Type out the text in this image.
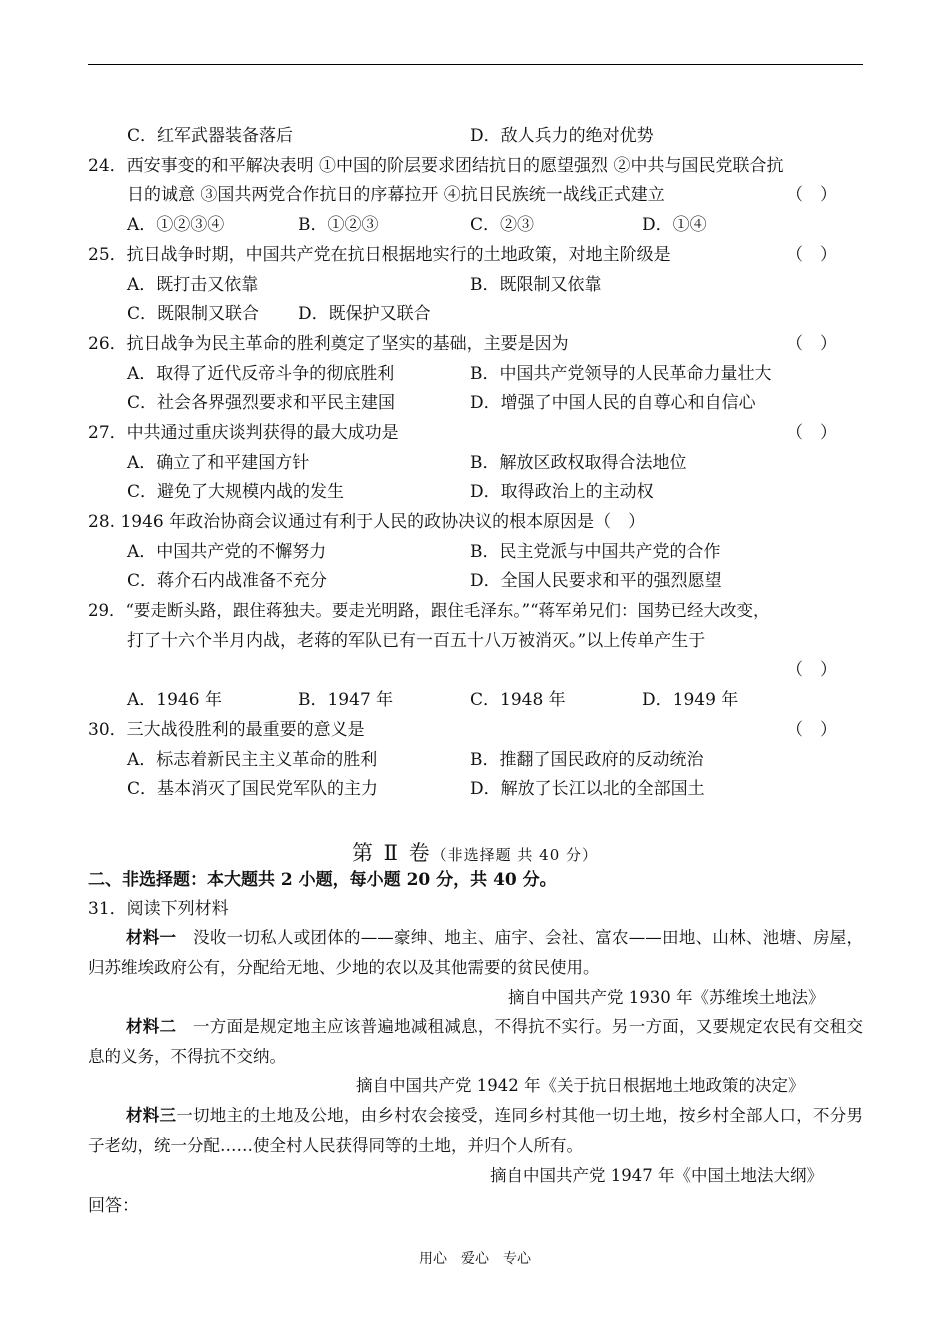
C．红军武器装备落后	D．敌人兵力的绝对优势
24．西安事变的和平解决表明 ①中国的阶层要求团结抗日的愿望强烈 ②中共与国民党联合抗
日的诚意 ③国共两党合作抗日的序幕拉开 ④抗日民族统一战线正式建立	（　）
A．①②③④	B．①②③	C．②③	D．①④
25．抗日战争时期，中国共产党在抗日根据地实行的土地政策，对地主阶级是	（　）
A．既打击又依靠	B．既限制又依靠
C．既限制又联合 D．既保护又联合
26．抗日战争为民主革命的胜利奠定了坚实的基础，主要是因为	（　）
A．取得了近代反帝斗争的彻底胜利	B．中国共产党领导的人民革命力量壮大
C．社会各界强烈要求和平民主建国	D．增强了中国人民的自尊心和自信心
27．中共通过重庆谈判获得的最大成功是	（　）
A．确立了和平建国方针	B．解放区政权取得合法地位
C．避免了大规模内战的发生	D．取得政治上的主动权
28. 1946 年政治协商会议通过有利于人民的政协决议的根本原因是（　）
A．中国共产党的不懈努力	B．民主党派与中国共产党的合作
C．蒋介石内战准备不充分	D．全国人民要求和平的强烈愿望
29．“要走断头路，跟住蒋独夫。要走光明路，跟住毛泽东。”“蒋军弟兄们：国势已经大改变，
打了十六个半月内战，老蒋的军队已有一百五十八万被消灭。”以上传单产生于
（　）
A．1946 年	B．1947 年	C．1948 年	D．1949 年
30．三大战役胜利的最重要的意义是	（　）
A．标志着新民主主义革命的胜利	B．推翻了国民政府的反动统治
C．基本消灭了国民党军队的主力	D．解放了长江以北的全部国土
第 Ⅱ 卷（非选择题 共 40 分）
二、非选择题：本大题共 2 小题，每小题 20 分，共 40 分。
31．阅读下列材料
材料一  没收一切私人或团体的——豪绅、地主、庙宇、会社、富农——田地、山林、池塘、房屋，归苏维埃政府公有，分配给无地、少地的农以及其他需要的贫民使用。
摘自中国共产党 1930 年《苏维埃土地法》
材料二  一方面是规定地主应该普遍地减租减息，不得抗不实行。另一方面，又要规定农民有交租交息的义务，不得抗不交纳。
摘自中国共产党 1942 年《关于抗日根据地土地政策的决定》
材料三一切地主的土地及公地，由乡村农会接受，连同乡村其他一切土地，按乡村全部人口，不分男子老幼，统一分配……使全村人民获得同等的土地，并归个人所有。
摘自中国共产党 1947 年《中国土地法大纲》
回答：
用心　爱心　专心
